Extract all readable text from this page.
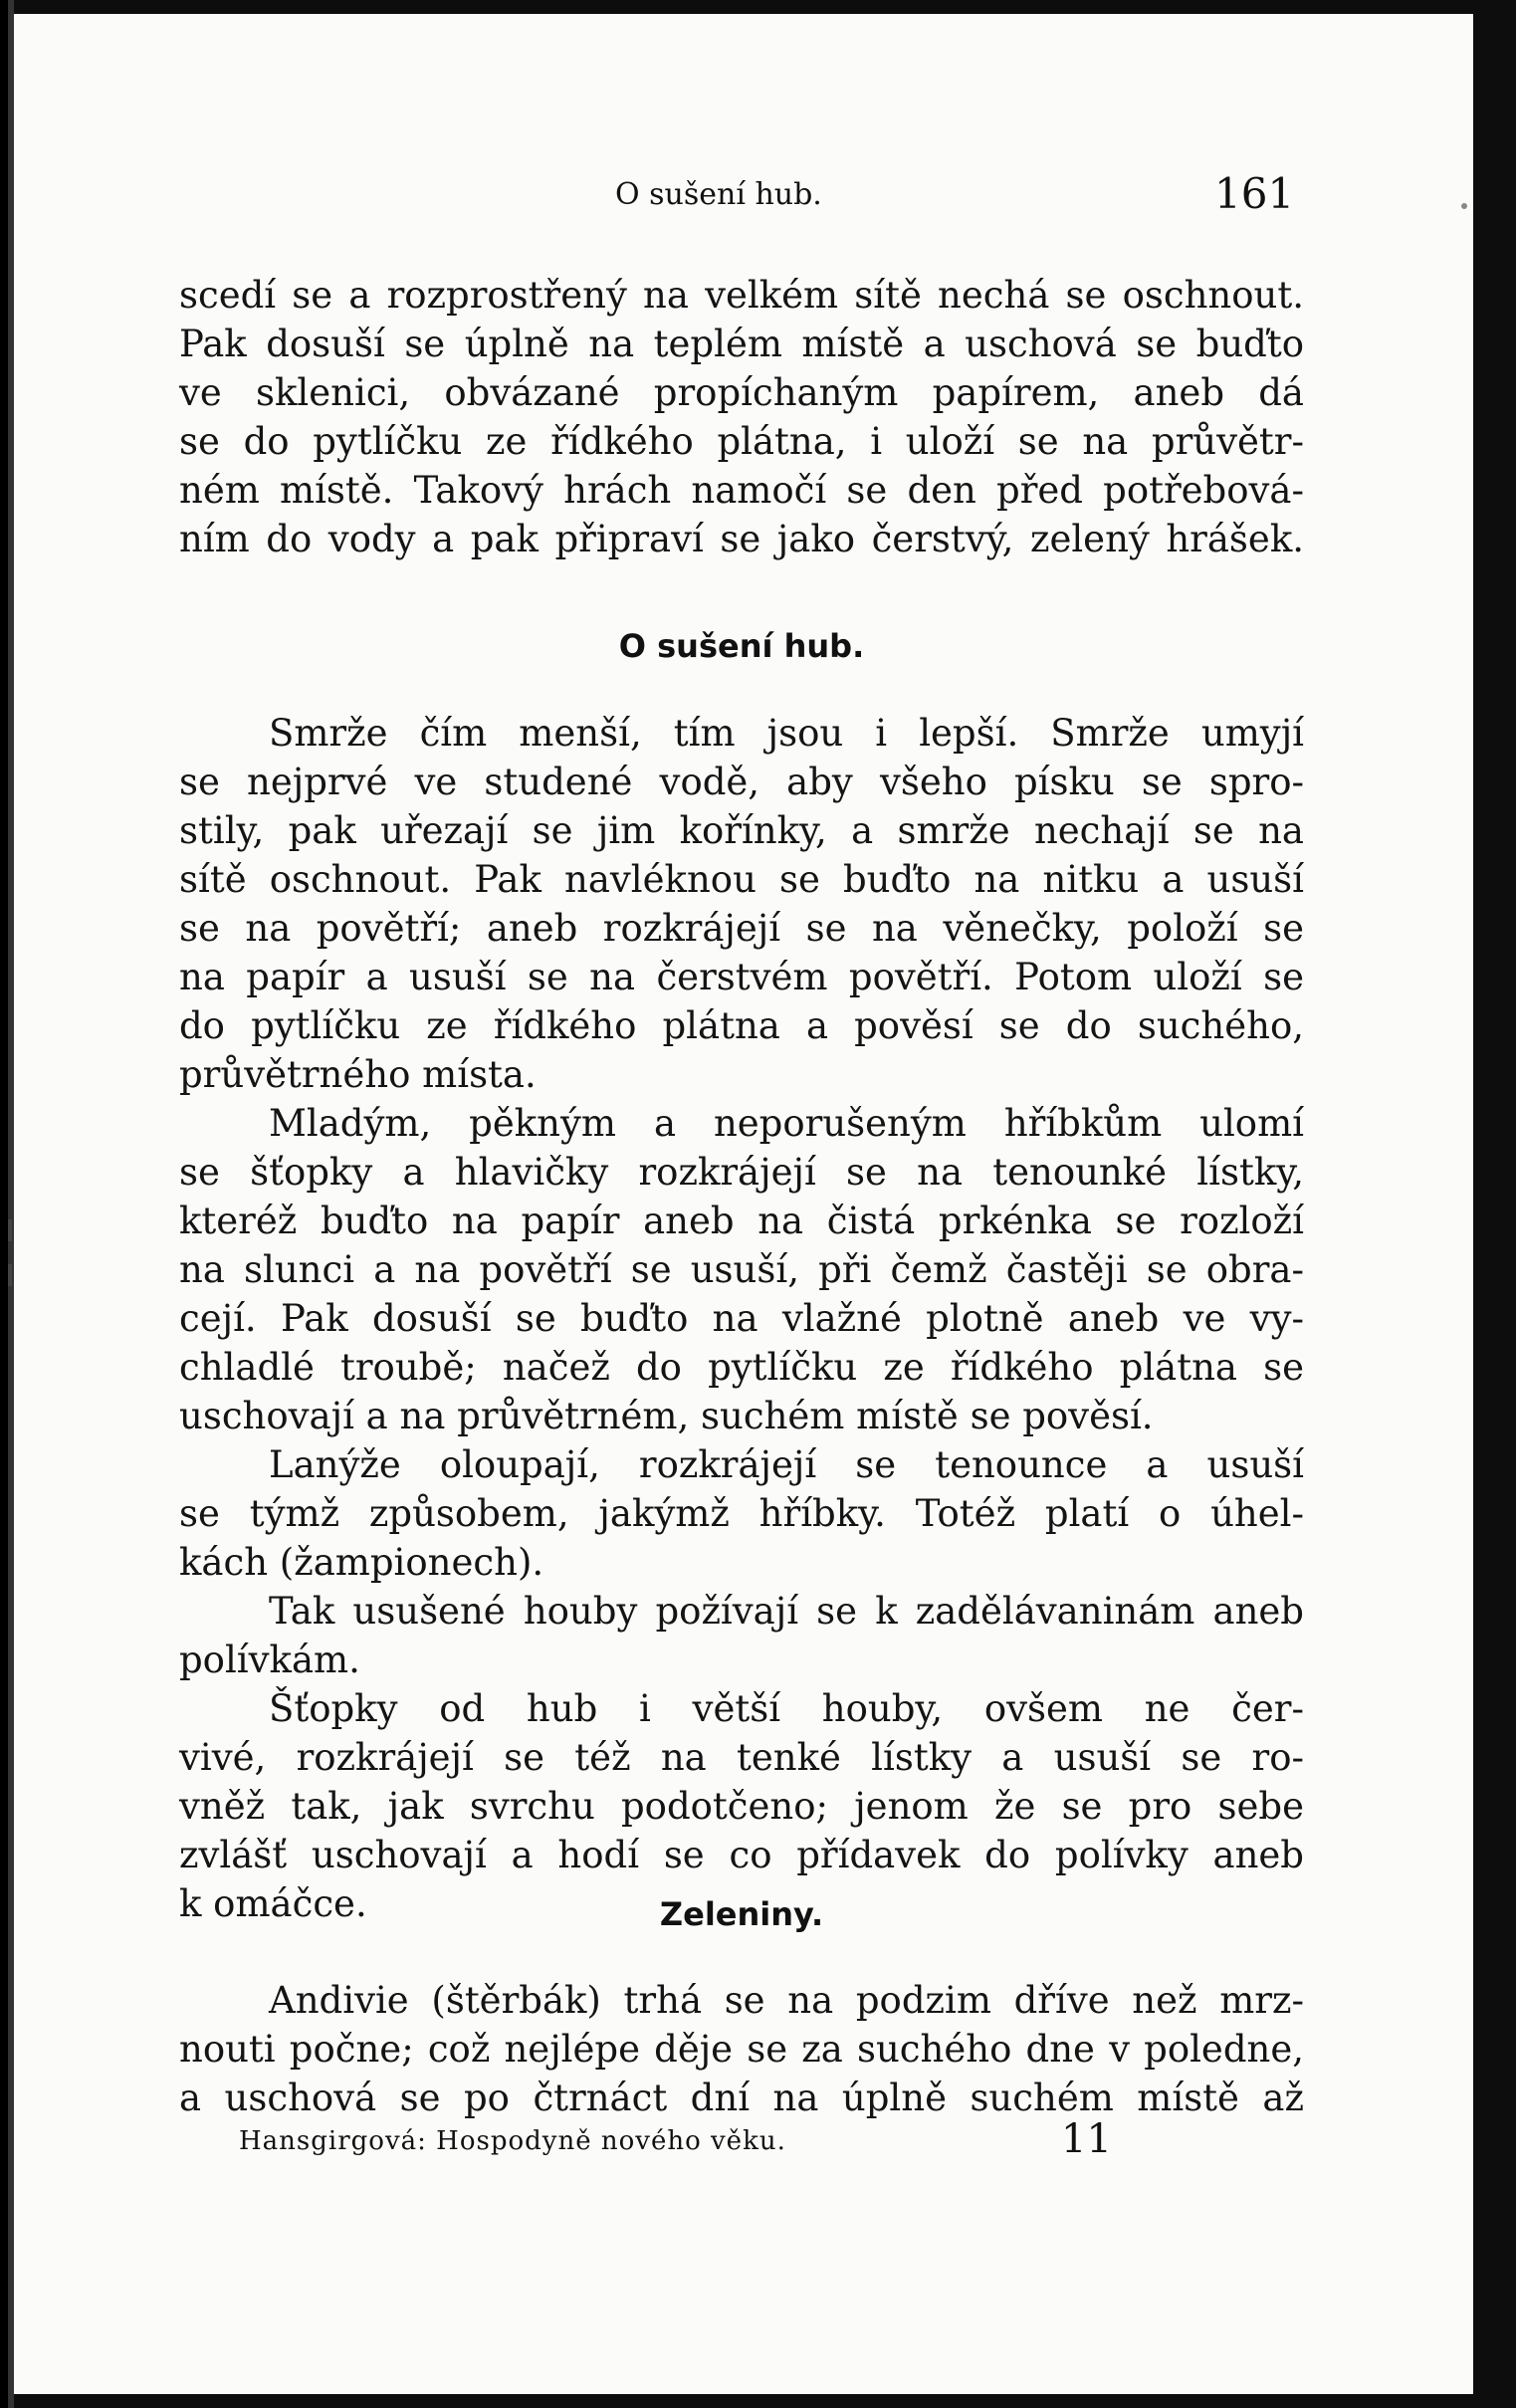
O sušení hub.	161
scedí se a rozprostřený na velkém sítě nechá se oschnout.
Pak dosuší se úplně na teplém místě a uschová se buďto
ve sklenici, obvázané propíchaným papírem, aneb dá
se do pytlíčku ze řídkého plátna, i uloží se na průvětr-
ném místě. Takový hrách namočí se den před potřebová-
ním do vody a pak připraví se jako čerstvý, zelený hrášek.
O sušení hub.
Smrže čím menší, tím jsou i lepší. Smrže umyjí
se nejprvé ve studené vodě, aby všeho písku se spro-
stily, pak uřezají se jim kořínky, a smrže nechají se na
sítě oschnout. Pak navléknou se buďto na nitku a usuší
se na povětří; aneb rozkrájejí se na věnečky, položí se
na papír a usuší se na čerstvém povětří. Potom uloží se
do pytlíčku ze řídkého plátna a pověsí se do suchého,
průvětrného místa.
Mladým, pěkným a neporušeným hříbkům ulomí
se šťopky a hlavičky rozkrájejí se na tenounké lístky,
kteréž buďto na papír aneb na čistá prkénka se rozloží
na slunci a na povětří se usuší, při čemž častěji se obra-
cejí. Pak dosuší se buďto na vlažné plotně aneb ve vy-
chladlé troubě; načež do pytlíčku ze řídkého plátna se
uschovají a na průvětrném, suchém místě se pověsí.
Lanýže oloupají, rozkrájejí se tenounce a usuší
se týmž způsobem, jakýmž hříbky. Totéž platí o úhel-
kách (žampionech).
Tak usušené houby požívají se k zadělávaninám aneb
polívkám.
Šťopky od hub i větší houby, ovšem ne čer-
vivé, rozkrájejí se též na tenké lístky a usuší se ro-
vněž tak, jak svrchu podotčeno; jenom že se pro sebe
zvlášť uschovají a hodí se co přídavek do polívky aneb
k omáčce.	Zeleniny.
Andivie (štěrbák) trhá se na podzim dříve než mrz-
nouti počne; což nejlépe děje se za suchého dne v poledne,
a uschová se po čtrnáct dní na úplně suchém místě až
Hansgirgová: Hospodyně nového věku.	11
